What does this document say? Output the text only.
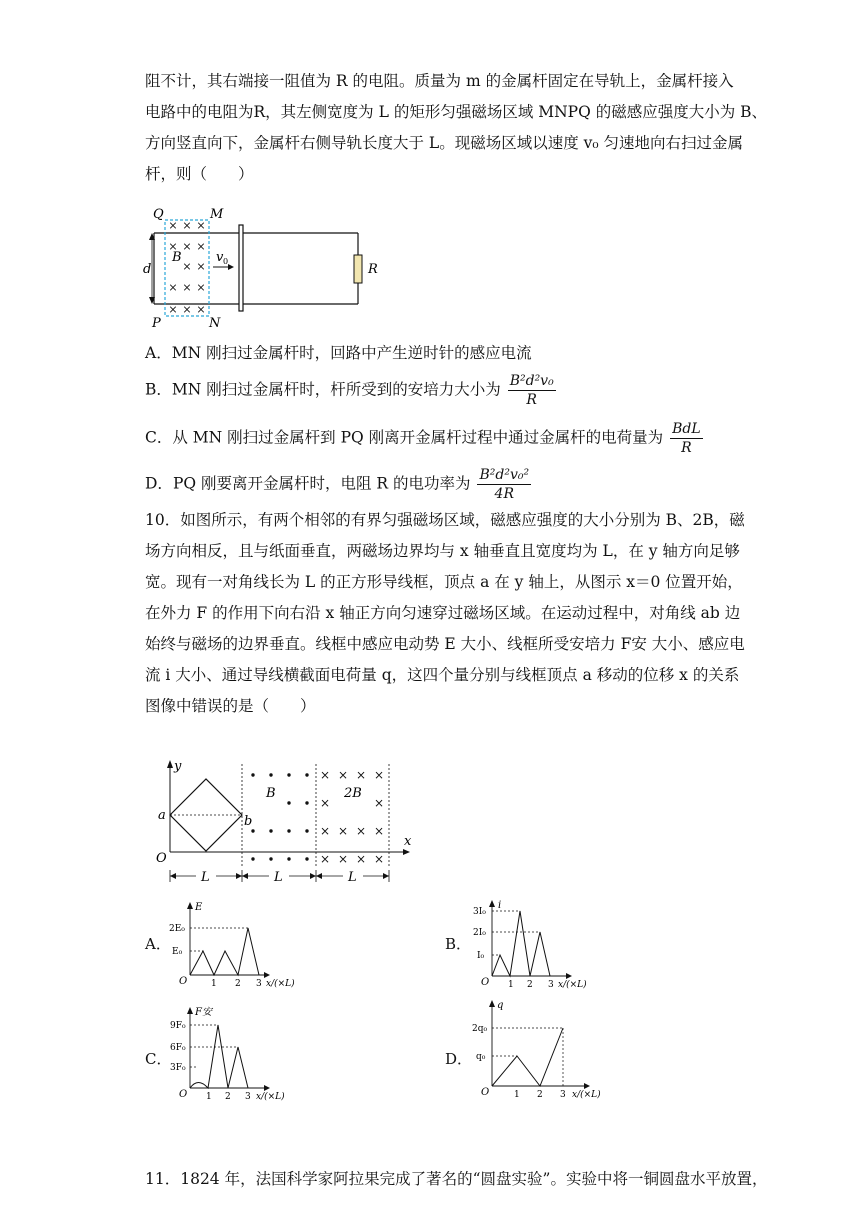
阻不计，其右端接一阻值为 R 的电阻。质量为 m 的金属杆固定在导轨上，金属杆接入
电路中的电阻为R，其左侧宽度为 L 的矩形匀强磁场区域 MNPQ 的磁感应强度大小为 B、
方向竖直向下，金属杆右侧导轨长度大于 L。现磁场区域以速度 v₀ 匀速地向右扫过金属
杆，则（　　）
× × ×
× × ×
× ×
× × ×
× × ×
Q	M
P	N
d
B	v 0
R
A．MN 刚扫过金属杆时，回路中产生逆时针的感应电流
B．MN 刚扫过金属杆时，杆所受到的安培力大小为 $\frac{\text{B²d²v₀}}{R}$
C．从 MN 刚扫过金属杆到 PQ 刚离开金属杆过程中通过金属杆的电荷量为 $\frac{\text{BdL}}{R}$
D．PQ 刚要离开金属杆时，电阻 R 的电功率为 $\frac{\text{B²d²v₀²}}{4R}$
10．如图所示，有两个相邻的有界匀强磁场区域，磁感应强度的大小分别为 B、2B，磁
场方向相反，且与纸面垂直，两磁场边界均与 x 轴垂直且宽度均为 L，在 y 轴方向足够
宽。现有一对角线长为 L 的正方形导线框，顶点 a 在 y 轴上，从图示 x＝0 位置开始，
在外力 F 的作用下向右沿 x 轴正方向匀速穿过磁场区域。在运动过程中，对角线 ab 边
始终与磁场的边界垂直。线框中感应电动势 E 大小、线框所受安培力 F安 大小、感应电
流 i 大小、通过导线横截面电荷量 q，这四个量分别与线框顶点 a 移动的位移 x 的关系
图像中错误的是（　　）
× × × ×
×	×
× × × ×
× × × ×
y
x
a	b
O
B	2B
L	L	L
A．
E
2E₀
E₀
O	1 2 3 x/(×L)
B．
i
3I₀
2I₀
I₀
O 1 2 3 x/(×L)
C．
F安
9F₀
6F₀
3F₀
O 1 2 3 x/(×L)
D．
q
2q₀
q₀
O	1 2 3 x/(×L)
11．1824 年，法国科学家阿拉果完成了著名的“圆盘实验”。实验中将一铜圆盘水平放置，
